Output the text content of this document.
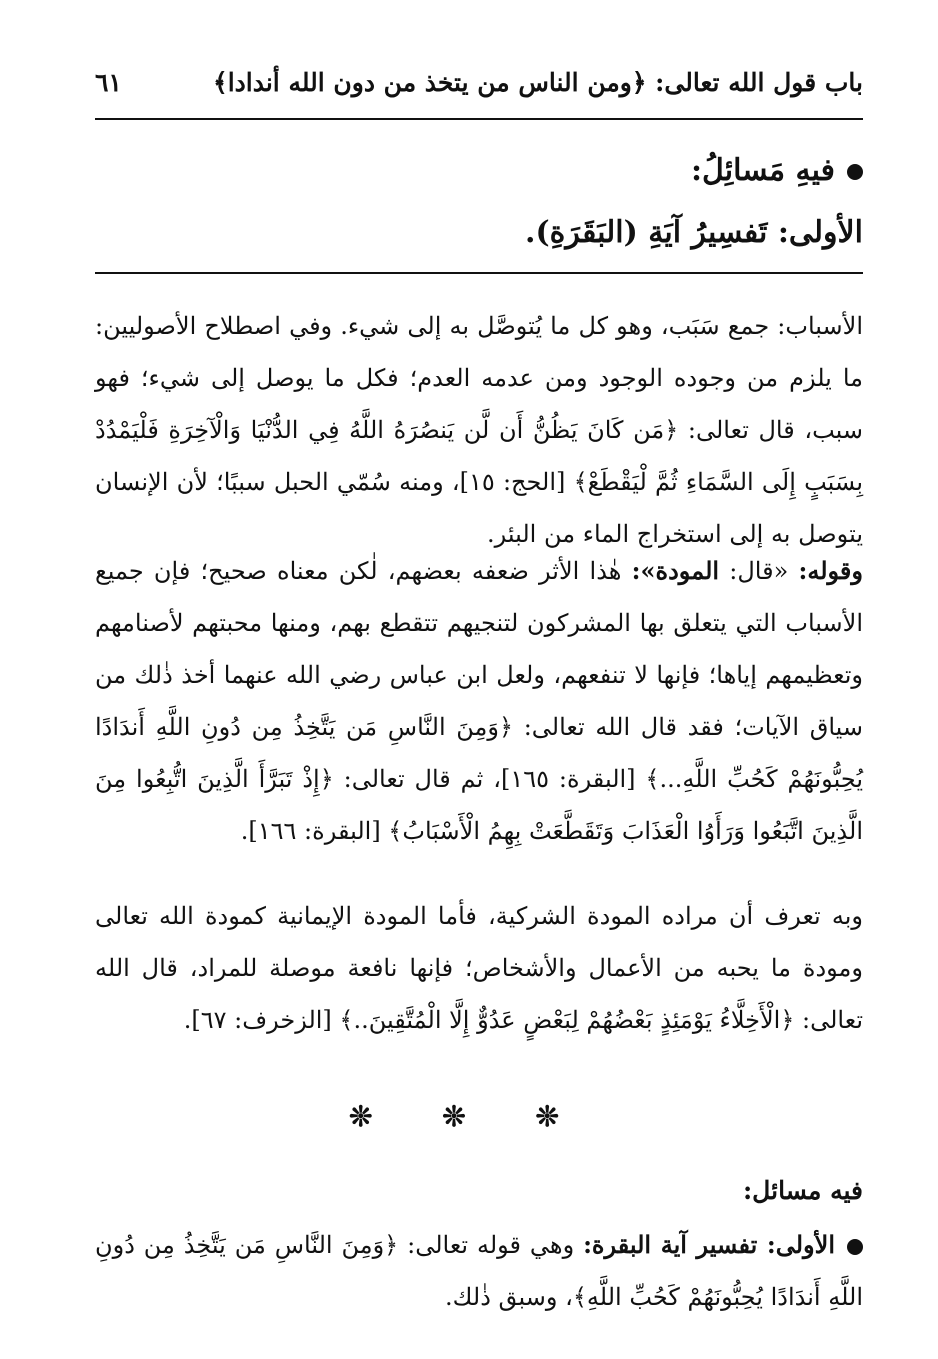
باب قول الله تعالى: ﴿ومن الناس من يتخذ من دون الله أندادا﴾
٦١
فيهِ مَسائِلُ:
الأولى: تَفسِيرُ آيَةِ (البَقَرَةِ).
الأسباب: جمع سَبَب، وهو كل ما يُتوصَّل به إلى شيء. وفي اصطلاح الأصوليين: ما يلزم من وجوده الوجود ومن عدمه العدم؛ فكل ما يوصل إلى شيء؛ فهو سبب، قال تعالى: ﴿مَن كَانَ يَظُنُّ أَن لَّن يَنصُرَهُ اللَّهُ فِي الدُّنْيَا وَالْآخِرَةِ فَلْيَمْدُدْ بِسَبَبٍ إِلَى السَّمَاءِ ثُمَّ لْيَقْطَعْ﴾ [الحج: ١٥]، ومنه سُمّي الحبل سببًا؛ لأن الإنسان يتوصل به إلى استخراج الماء من البئر.
وقوله: «قال: المودة»: هٰذا الأثر ضعفه بعضهم، لٰكن معناه صحيح؛ فإن جميع الأسباب التي يتعلق بها المشركون لتنجيهم تتقطع بهم، ومنها محبتهم لأصنامهم وتعظيمهم إياها؛ فإنها لا تنفعهم، ولعل ابن عباس رضي الله عنهما أخذ ذٰلك من سياق الآيات؛ فقد قال الله تعالى: ﴿وَمِنَ النَّاسِ مَن يَتَّخِذُ مِن دُونِ اللَّهِ أَندَادًا يُحِبُّونَهُمْ كَحُبِّ اللَّهِ...﴾ [البقرة: ١٦٥]، ثم قال تعالى: ﴿إِذْ تَبَرَّأَ الَّذِينَ اتُّبِعُوا مِنَ الَّذِينَ اتَّبَعُوا وَرَأَوُا الْعَذَابَ وَتَقَطَّعَتْ بِهِمُ الْأَسْبَابُ﴾ [البقرة: ١٦٦].
وبه تعرف أن مراده المودة الشركية، فأما المودة الإيمانية كمودة الله تعالى ومودة ما يحبه من الأعمال والأشخاص؛ فإنها نافعة موصلة للمراد، قال الله تعالى: ﴿الْأَخِلَّاءُ يَوْمَئِذٍ بَعْضُهُمْ لِبَعْضٍ عَدُوٌّ إِلَّا الْمُتَّقِينَ..﴾ [الزخرف: ٦٧].
❊ ❊ ❊
فيه مسائل:
الأولى: تفسير آية البقرة: وهي قوله تعالى: ﴿وَمِنَ النَّاسِ مَن يَتَّخِذُ مِن دُونِ اللَّهِ أَندَادًا يُحِبُّونَهُمْ كَحُبِّ اللَّهِ﴾، وسبق ذٰلك.
